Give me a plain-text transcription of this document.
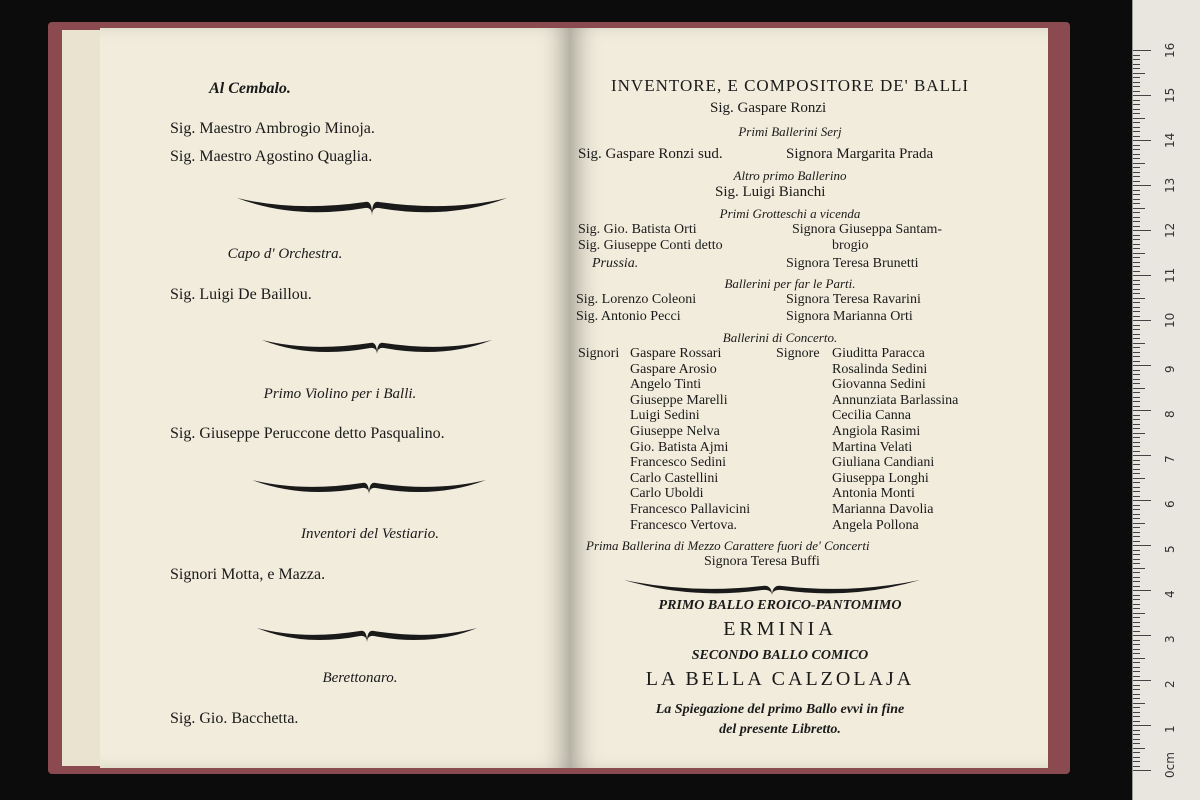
Al Cembalo.
Sig. Maestro Ambrogio Minoja.
Sig. Maestro Agostino Quaglia.
Capo d' Orchestra.
Sig. Luigi De Baillou.
Primo Violino per i Balli.
Sig. Giuseppe Peruccone detto Pasqualino.
Inventori del Vestiario.
Signori Motta, e Mazza.
Berettonaro.
Sig. Gio. Bacchetta.
INVENTORE, E COMPOSITORE DE' BALLI
Sig. Gaspare Ronzi
Primi Ballerini Serj
Sig. Gaspare Ronzi sud.	Signora Margarita Prada
Altro primo Ballerino
Sig. Luigi Bianchi
Primi Grotteschi a vicenda
Sig. Gio. Batista Orti
Sig. Giuseppe Conti detto
Prussia.
Signora Giuseppa Santam-
brogio
Signora Teresa Brunetti
Ballerini per far le Parti.
Sig. Lorenzo Coleoni
Sig. Antonio Pecci
Signora Teresa Ravarini
Signora Marianna Orti
Ballerini di Concerto.
Signori	Signore
Prima Ballerina di Mezzo Carattere fuori de' Concerti
Signora Teresa Buffi
PRIMO BALLO EROICO-PANTOMIMO
ERMINIA
SECONDO BALLO COMICO
LA BELLA CALZOLAJA
La Spiegazione del primo Ballo evvi in fine
del presente Libretto.
Gaspare Rossari
Gaspare Arosio
Angelo Tinti
Giuseppe Marelli
Luigi Sedini
Giuseppe Nelva
Gio. Batista Ajmi
Francesco Sedini
Carlo Castellini
Carlo Uboldi
Francesco Pallavicini
Francesco Vertova.
Giuditta Paracca
Rosalinda Sedini
Giovanna Sedini
Annunziata Barlassina
Cecilia Canna
Angiola Rasimi
Martina Velati
Giuliana Candiani
Giuseppa Longhi
Antonia Monti
Marianna Davolia
Angela Pollona
0cm
1
2
3
4
5
6
7
8
9
10
11
12
13
14
15
16
